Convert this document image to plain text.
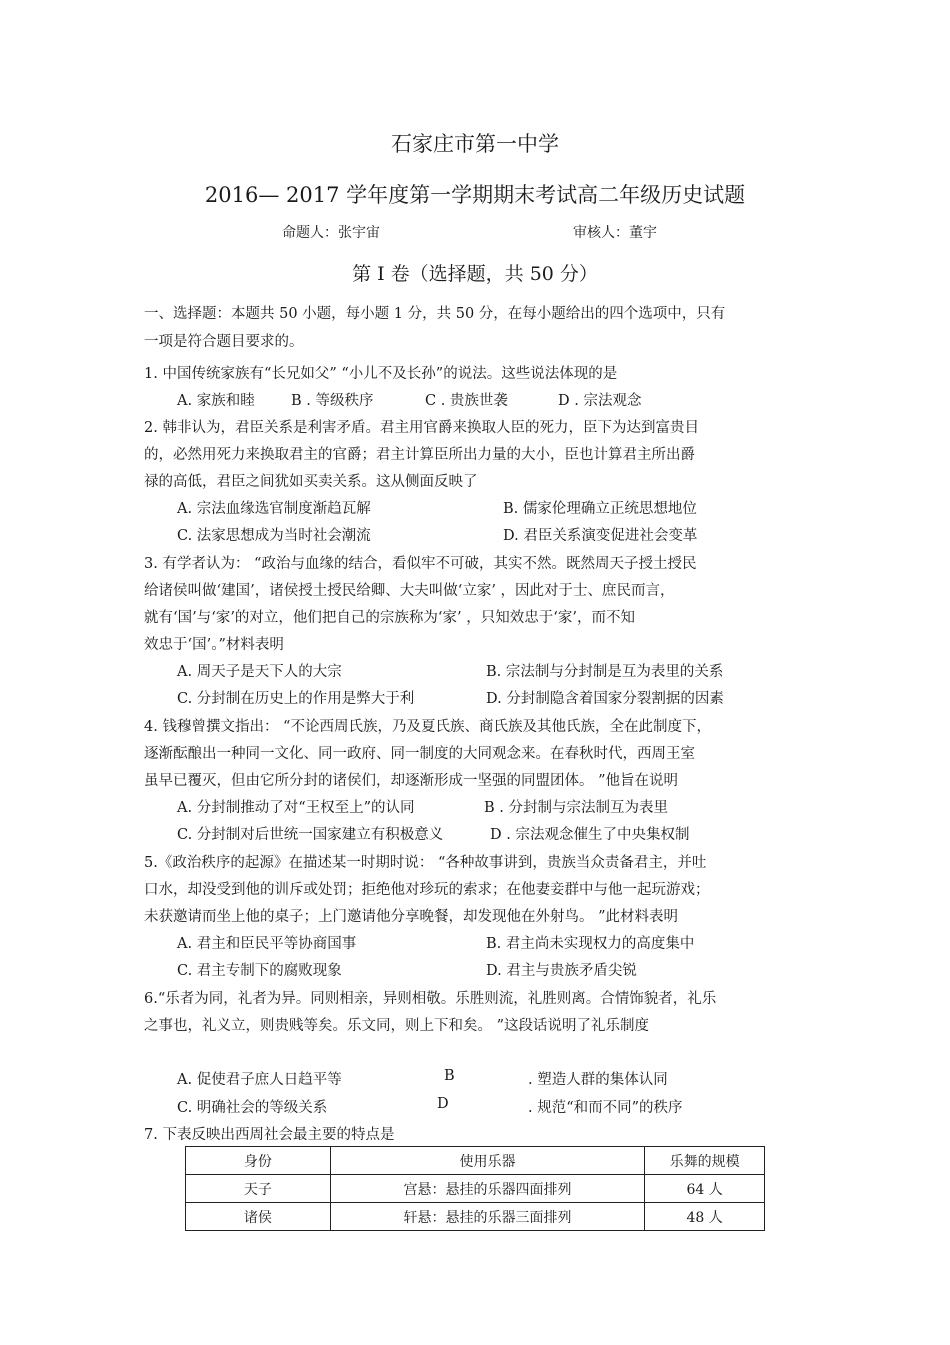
石家庄市第一中学
2016— 2017 学年度第一学期期末考试高二年级历史试题
命题人：张宇宙	审核人：董宇
第 I 卷（选择题，共 50 分）
一、选择题：本题共 50 小题，每小题 1 分，共 50 分，在每小题给出的四个选项中，只有
一项是符合题目要求的。
1. 中国传统家族有“长兄如父” “小儿不及长孙”的说法。这些说法体现的是
A. 家族和睦	B . 等级秩序	C . 贵族世袭	D . 宗法观念
2. 韩非认为，君臣关系是利害矛盾。君主用官爵来换取人臣的死力，臣下为达到富贵目
的，必然用死力来换取君主的官爵；君主计算臣所出力量的大小，臣也计算君主所出爵
禄的高低，君臣之间犹如买卖关系。这从侧面反映了
A. 宗法血缘选官制度渐趋瓦解	B. 儒家伦理确立正统思想地位
C. 法家思想成为当时社会潮流	D. 君臣关系演变促进社会变革
3. 有学者认为： “政治与血缘的结合，看似牢不可破，其实不然。既然周天子授土授民
给诸侯叫做‘建国’，诸侯授土授民给卿、大夫叫做‘立家’ ，因此对于士、庶民而言，
就有‘国’与‘家’的对立，他们把自己的宗族称为‘家’ ，只知效忠于‘家’，而不知
效忠于‘国’。”材料表明
A. 周天子是天下人的大宗	B. 宗法制与分封制是互为表里的关系
C. 分封制在历史上的作用是弊大于利	D. 分封制隐含着国家分裂割据的因素
4. 钱穆曾撰文指出： “不论西周氏族，乃及夏氏族、商氏族及其他氏族，全在此制度下，
逐渐酝酿出一种同一文化、同一政府、同一制度的大同观念来。在春秋时代，西周王室
虽早已覆灭，但由它所分封的诸侯们，却逐渐形成一坚强的同盟团体。 ”他旨在说明
A. 分封制推动了对“王权至上”的认同	B . 分封制与宗法制互为表里
C. 分封制对后世统一国家建立有积极意义	D . 宗法观念催生了中央集权制
5.《政治秩序的起源》在描述某一时期时说： “各种故事讲到，贵族当众责备君主，并吐
口水，却没受到他的训斥或处罚；拒绝他对珍玩的索求；在他妻妾群中与他一起玩游戏；
未获邀请而坐上他的桌子；上门邀请他分享晚餐，却发现他在外射鸟。 ”此材料表明
A. 君主和臣民平等协商国事	B. 君主尚未实现权力的高度集中
C. 君主专制下的腐败现象	D. 君主与贵族矛盾尖锐
6.“乐者为同，礼者为异。同则相亲，异则相敬。乐胜则流，礼胜则离。合情饰貌者，礼乐
之事也，礼义立，则贵贱等矣。乐文同，则上下和矣。 ”这段话说明了礼乐制度
A. 促使君子庶人日趋平等	B	. 塑造人群的集体认同
C. 明确社会的等级关系	D	. 规范“和而不同”的秩序
7. 下表反映出西周社会最主要的特点是
身份	使用乐器	乐舞的规模
天子	宫悬：悬挂的乐器四面排列	64 人
诸侯	轩悬：悬挂的乐器三面排列	48 人
